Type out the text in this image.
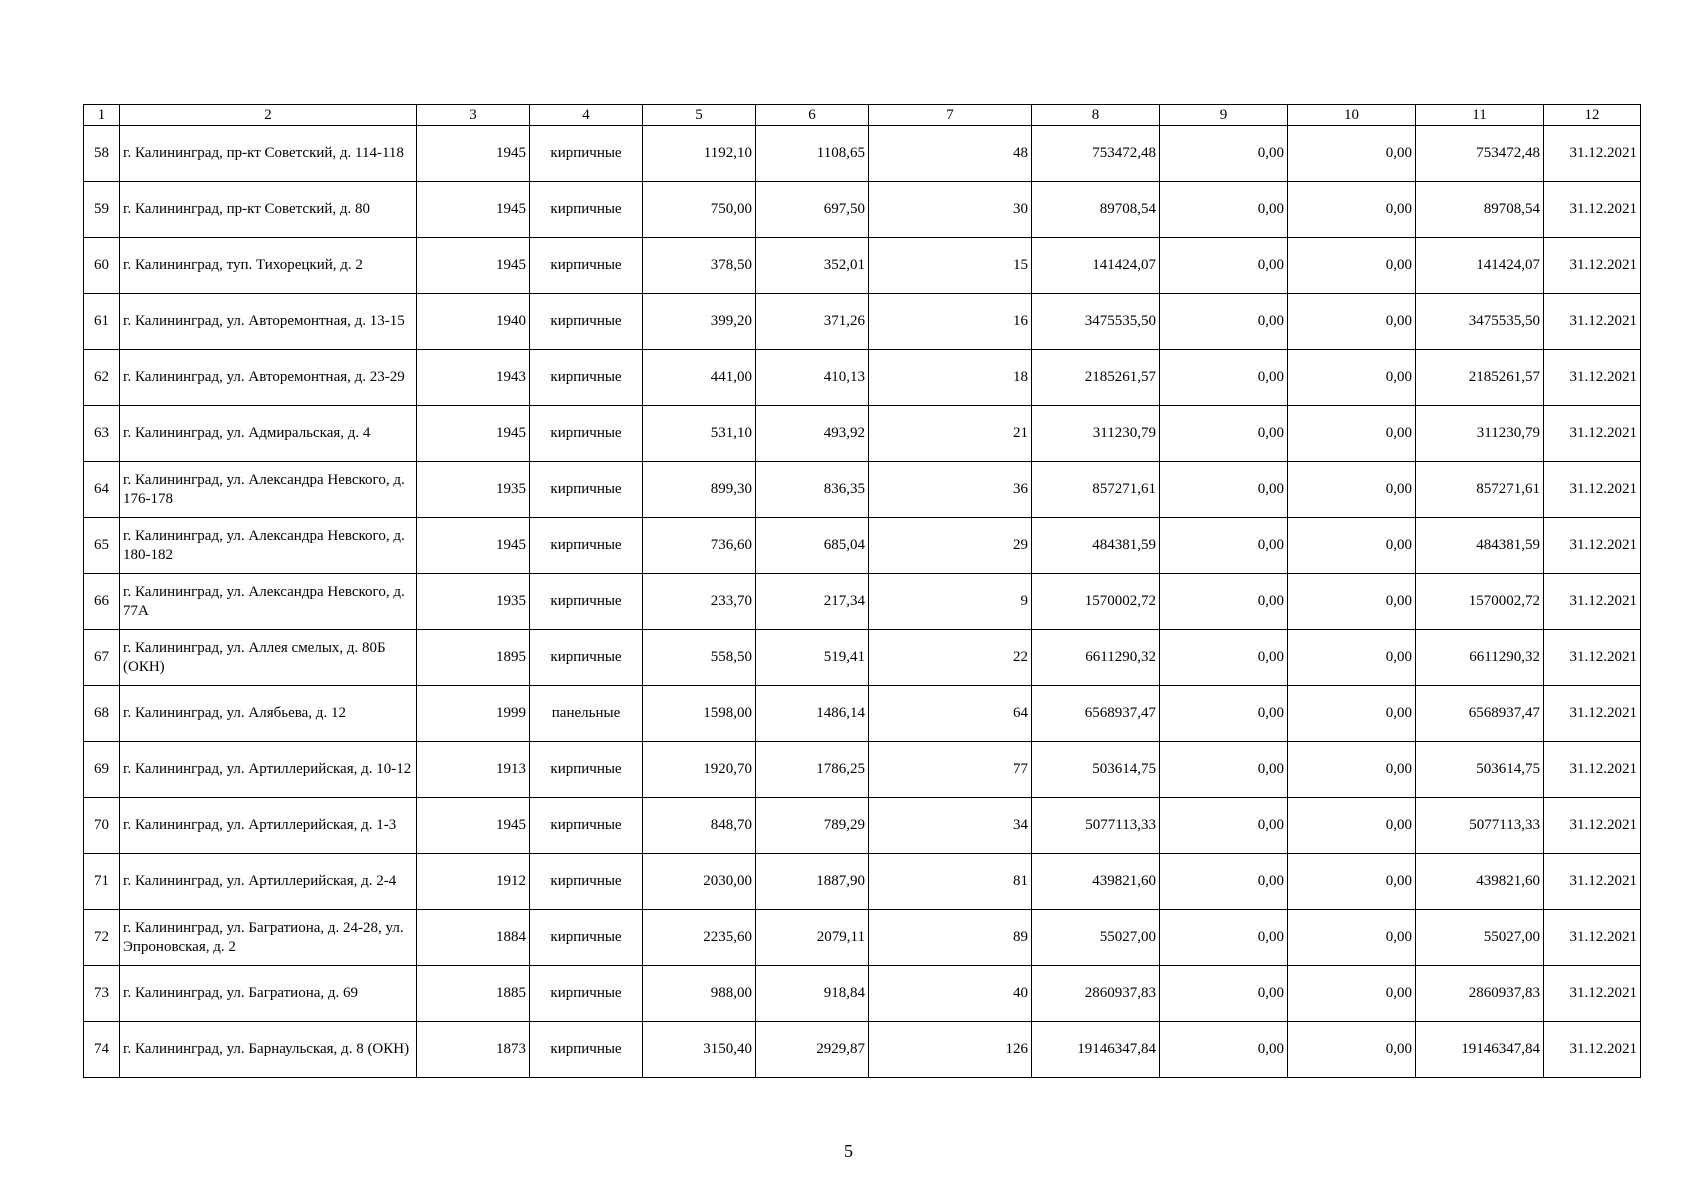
1	2	3	4	5	6	7	8	9	10	11	12
58	г. Калининград, пр-кт Советский, д. 114-118	1945	кирпичные	1192,10	1108,65	48	753472,48	0,00	0,00	753472,48	31.12.2021
59	г. Калининград, пр-кт Советский, д. 80	1945	кирпичные	750,00	697,50	30	89708,54	0,00	0,00	89708,54	31.12.2021
60	г. Калининград, туп. Тихорецкий, д. 2	1945	кирпичные	378,50	352,01	15	141424,07	0,00	0,00	141424,07	31.12.2021
61	г. Калининград, ул. Авторемонтная, д. 13-15	1940	кирпичные	399,20	371,26	16	3475535,50	0,00	0,00	3475535,50	31.12.2021
62	г. Калининград, ул. Авторемонтная, д. 23-29	1943	кирпичные	441,00	410,13	18	2185261,57	0,00	0,00	2185261,57	31.12.2021
63	г. Калининград, ул. Адмиральская, д. 4	1945	кирпичные	531,10	493,92	21	311230,79	0,00	0,00	311230,79	31.12.2021
64	г. Калининград, ул. Александра Невского, д. 176-178	1935	кирпичные	899,30	836,35	36	857271,61	0,00	0,00	857271,61	31.12.2021
65	г. Калининград, ул. Александра Невского, д. 180-182	1945	кирпичные	736,60	685,04	29	484381,59	0,00	0,00	484381,59	31.12.2021
66	г. Калининград, ул. Александра Невского, д. 77А	1935	кирпичные	233,70	217,34	9	1570002,72	0,00	0,00	1570002,72	31.12.2021
67	г. Калининград, ул. Аллея смелых, д. 80Б (ОКН)	1895	кирпичные	558,50	519,41	22	6611290,32	0,00	0,00	6611290,32	31.12.2021
68	г. Калининград, ул. Алябьева, д. 12	1999	панельные	1598,00	1486,14	64	6568937,47	0,00	0,00	6568937,47	31.12.2021
69	г. Калининград, ул. Артиллерийская, д. 10-12	1913	кирпичные	1920,70	1786,25	77	503614,75	0,00	0,00	503614,75	31.12.2021
70	г. Калининград, ул. Артиллерийская, д. 1-3	1945	кирпичные	848,70	789,29	34	5077113,33	0,00	0,00	5077113,33	31.12.2021
71	г. Калининград, ул. Артиллерийская, д. 2-4	1912	кирпичные	2030,00	1887,90	81	439821,60	0,00	0,00	439821,60	31.12.2021
72	г. Калининград, ул. Багратиона, д. 24-28, ул. Эпроновская, д. 2	1884	кирпичные	2235,60	2079,11	89	55027,00	0,00	0,00	55027,00	31.12.2021
73	г. Калининград, ул. Багратиона, д. 69	1885	кирпичные	988,00	918,84	40	2860937,83	0,00	0,00	2860937,83	31.12.2021
74	г. Калининград, ул. Барнаульская, д. 8 (ОКН)	1873	кирпичные	3150,40	2929,87	126	19146347,84	0,00	0,00	19146347,84	31.12.2021
5
